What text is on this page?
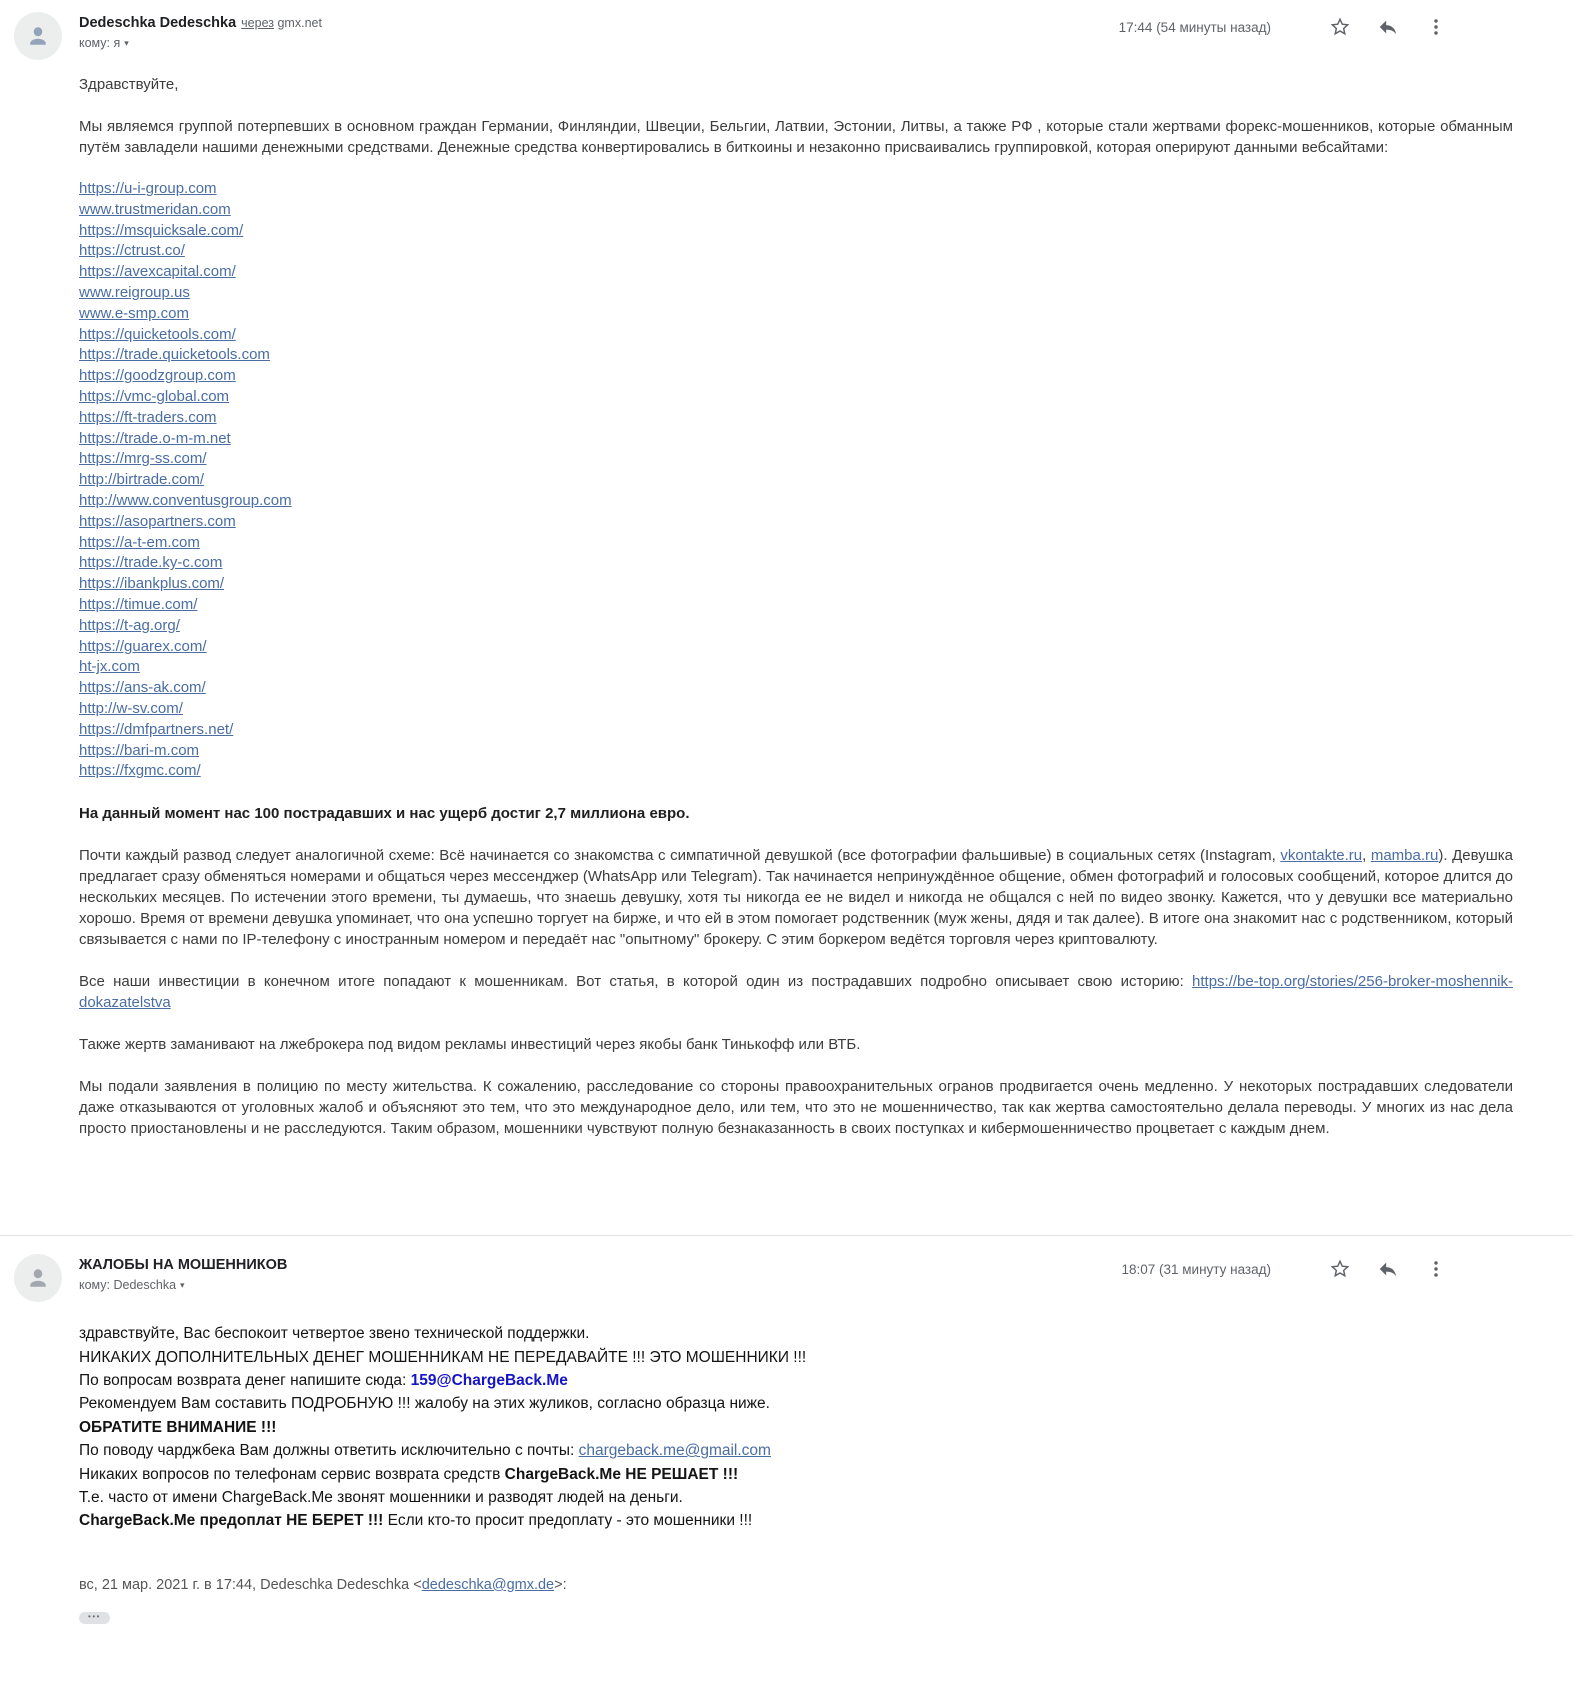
Dedeschka Dedeschka через gmx.net
кому: я ▾
17:44 (54 минуты назад)
Здравствуйте,
Мы являемся группой потерпевших в основном граждан Германии, Финляндии, Швеции, Бельгии, Латвии, Эстонии, Литвы, а также РФ , которые стали жертвами форекс-мошенников, которые обманным путём завладели нашими денежными средствами. Денежные средства конвертировались в биткоины и незаконно присваивались группировкой, которая оперируют данными вебсайтами:
https://u-i-group.com
www.trustmeridan.com
https://msquicksale.com/
https://ctrust.co/
https://avexcapital.com/
www.reigroup.us
www.e-smp.com
https://quicketools.com/
https://trade.quicketools.com
https://goodzgroup.com
https://vmc-global.com
https://ft-traders.com
https://trade.o-m-m.net
https://mrg-ss.com/
http://birtrade.com/
http://www.conventusgroup.com
https://asopartners.com
https://a-t-em.com
https://trade.ky-c.com
https://ibankplus.com/
https://timue.com/
https://t-ag.org/
https://guarex.com/
ht-jx.com
https://ans-ak.com/
http://w-sv.com/
https://dmfpartners.net/
https://bari-m.com
https://fxgmc.com/
На данный момент нас 100 пострадавших и нас ущерб достиг 2,7 миллиона евро.
Почти каждый развод следует аналогичной схеме: Всё начинается со знакомства с симпатичной девушкой (все фотографии фальшивые) в социальных сетях (Instagram, vkontakte.ru, mamba.ru). Девушка предлагает сразу обменяться номерами и общаться через мессенджер (WhatsApp или Telegram). Так начинается непринуждённое общение, обмен фотографий и голосовых сообщений, которое длится до нескольких месяцев. По истечении этого времени, ты думаешь, что знаешь девушку, хотя ты никогда ее не видел и никогда не общался с ней по видео звонку. Кажется, что у девушки все материально хорошо. Время от времени девушка упоминает, что она успешно торгует на бирже, и что ей в этом помогает родственник (муж жены, дядя и так далее). В итоге она знакомит нас с родственником, который связывается с нами по IP-телефону с иностранным номером и передаёт нас "опытному" брокеру. С этим боркером ведётся торговля через криптовалюту.
Все наши инвестиции в конечном итоге попадают к мошенникам. Вот статья, в которой один из пострадавших подробно описывает свою историю: https://be-top.org/stories/256-broker-moshennik-dokazatelstva
Также жертв заманивают на лжеброкера под видом рекламы инвестиций через якобы банк Тинькофф или ВТБ.
Мы подали заявления в полицию по месту жительства. К сожалению, расследование со стороны правоохранительных огранов продвигается очень медленно. У некоторых пострадавших следователи даже отказываются от уголовных жалоб и объясняют это тем, что это международное дело, или тем, что это не мошенничество, так как жертва самостоятельно делала переводы. У многих из нас дела просто приостановлены и не расследуются. Таким образом, мошенники чувствуют полную безнаказанность в своих поступках и кибермошенничество процветает с каждым днем.
ЖАЛОБЫ НА МОШЕННИКОВ
кому: Dedeschka ▾
18:07 (31 минуту назад)
здравствуйте, Вас беспокоит четвертое звено технической поддержки.
НИКАКИХ ДОПОЛНИТЕЛЬНЫХ ДЕНЕГ МОШЕННИКАМ НЕ ПЕРЕДАВАЙТЕ !!! ЭТО МОШЕННИКИ !!!
По вопросам возврата денег напишите сюда: 159@ChargeBack.Me
Рекомендуем Вам составить ПОДРОБНУЮ !!! жалобу на этих жуликов, согласно образца ниже.
ОБРАТИТЕ ВНИМАНИЕ !!!
По поводу чарджбека Вам должны ответить исключительно с почты: chargeback.me@gmail.com
Никаких вопросов по телефонам сервис возврата средств ChargeBack.Me НЕ РЕШАЕТ !!!
Т.е. часто от имени ChargeBack.Me звонят мошенники и разводят людей на деньги.
ChargeBack.Me предоплат НЕ БЕРЕТ !!! Если кто-то просит предоплату - это мошенники !!!
вс, 21 мар. 2021 г. в 17:44, Dedeschka Dedeschka <dedeschka@gmx.de>:
•••
